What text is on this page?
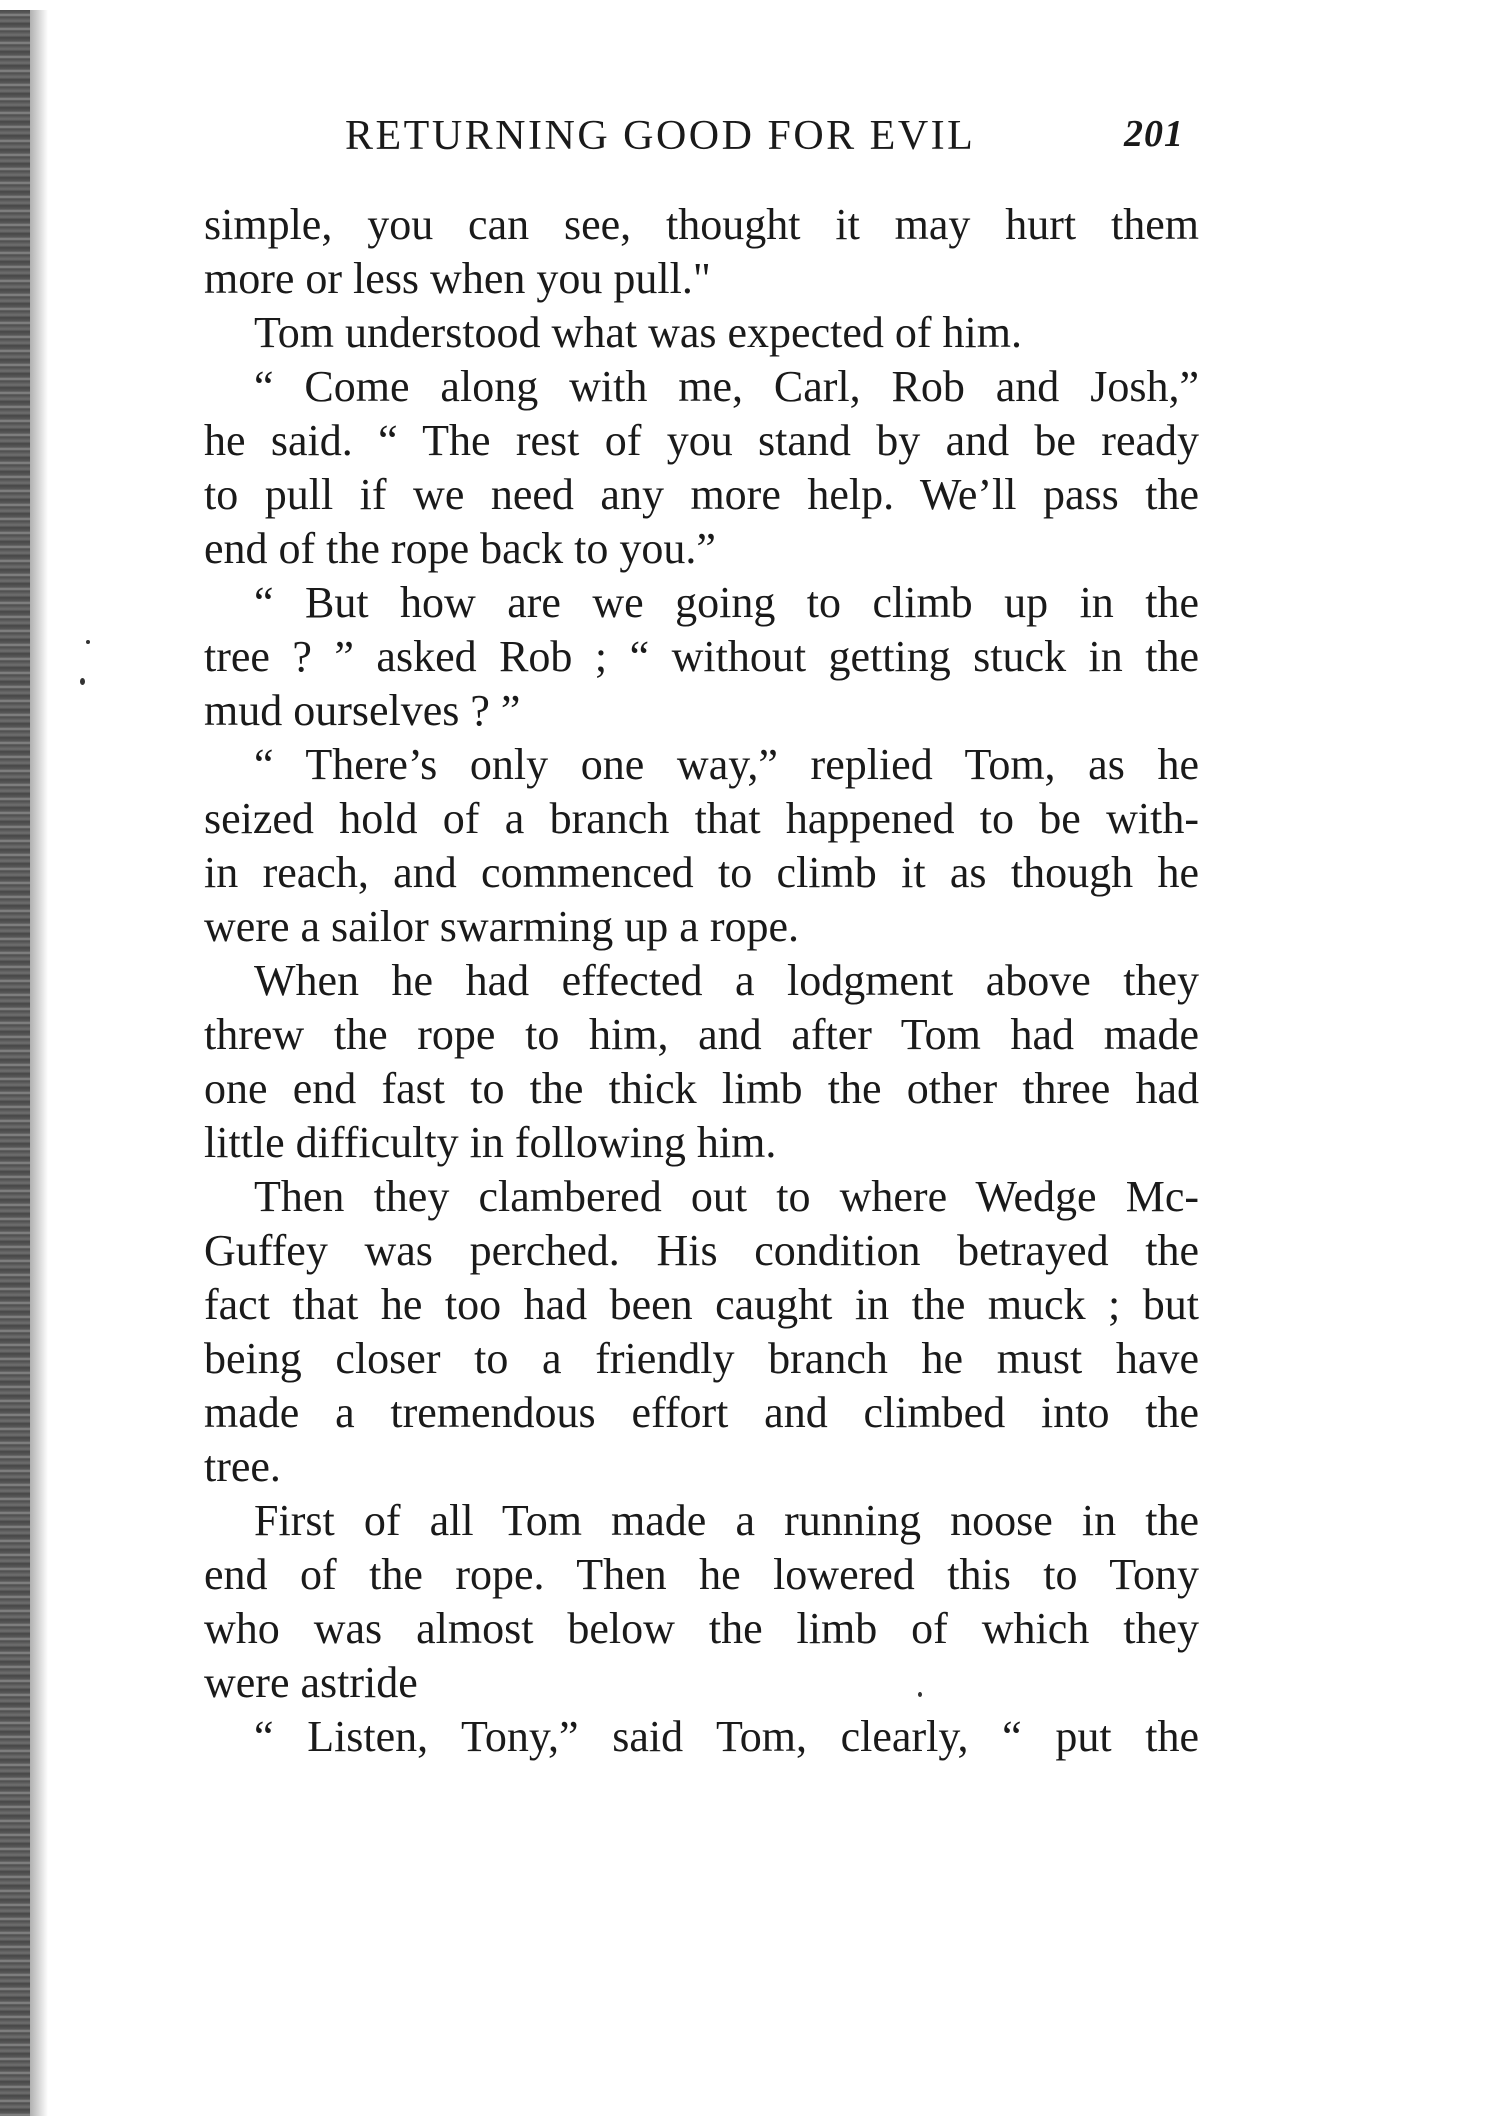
RETURNING GOOD FOR EVIL	201
simple, you can see, thought it may hurt them
more or less when you pull."
Tom understood what was expected of him.
“ Come along with me, Carl, Rob and Josh,”
he said. “ The rest of you stand by and be ready
to pull if we need any more help. We’ll pass the
end of the rope back to you.”
“ But how are we going to climb up in the
tree ? ” asked Rob ; “ without getting stuck in the
mud ourselves ? ”
“ There’s only one way,” replied Tom, as he
seized hold of a branch that happened to be with-
in reach, and commenced to climb it as though he
were a sailor swarming up a rope.
When he had effected a lodgment above they
threw the rope to him, and after Tom had made
one end fast to the thick limb the other three had
little difficulty in following him.
Then they clambered out to where Wedge Mc-
Guffey was perched. His condition betrayed the
fact that he too had been caught in the muck ; but
being closer to a friendly branch he must have
made a tremendous effort and climbed into the
tree.
First of all Tom made a running noose in the
end of the rope. Then he lowered this to Tony
who was almost below the limb of which they
were astride
“ Listen, Tony,” said Tom, clearly, “ put the
